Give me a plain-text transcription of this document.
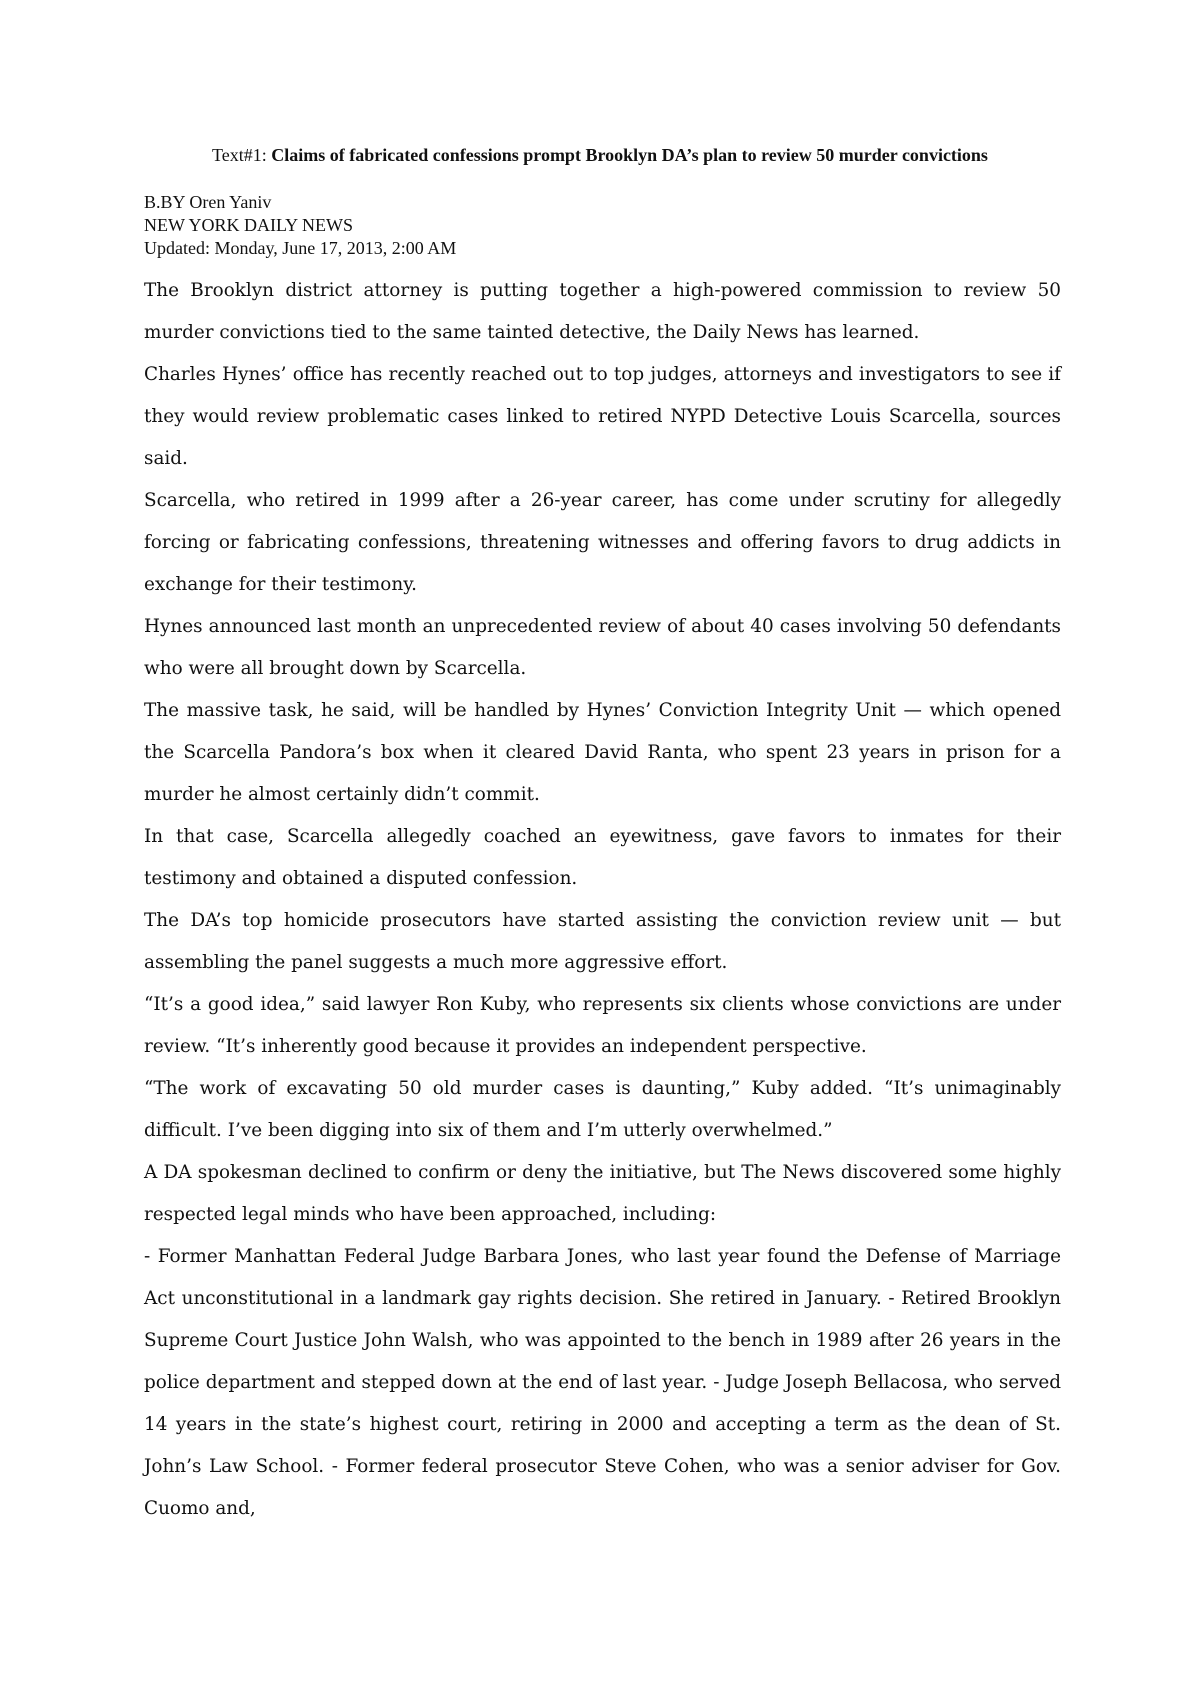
Text#1: Claims of fabricated confessions prompt Brooklyn DA’s plan to review 50 murder convictions
B.BY Oren Yaniv
NEW YORK DAILY NEWS
Updated: Monday, June 17, 2013, 2:00 AM

The Brooklyn district attorney is putting together a high-powered commission to review 50 murder convictions tied to the same tainted detective, the Daily News has learned.

Charles Hynes’ office has recently reached out to top judges, attorneys and investigators to see if they would review problematic cases linked to retired NYPD Detective Louis Scarcella, sources said.

Scarcella, who retired in 1999 after a 26-year career, has come under scrutiny for allegedly forcing or fabricating confessions, threatening witnesses and offering favors to drug addicts in exchange for their testimony.

Hynes announced last month an unprecedented review of about 40 cases involving 50 defendants who were all brought down by Scarcella.

The massive task, he said, will be handled by Hynes’ Conviction Integrity Unit — which opened the Scarcella Pandora’s box when it cleared David Ranta, who spent 23 years in prison for a murder he almost certainly didn’t commit.

In that case, Scarcella allegedly coached an eyewitness, gave favors to inmates for their testimony and obtained a disputed confession.

The DA’s top homicide prosecutors have started assisting the conviction review unit — but assembling the panel suggests a much more aggressive effort.

“It’s a good idea,” said lawyer Ron Kuby, who represents six clients whose convictions are under review. “It’s inherently good because it provides an independent perspective.

“The work of excavating 50 old murder cases is daunting,” Kuby added. “It’s unimaginably difficult. I’ve been digging into six of them and I’m utterly overwhelmed.”

A DA spokesman declined to confirm or deny the initiative, but The News discovered some highly respected legal minds who have been approached, including:

- Former Manhattan Federal Judge Barbara Jones, who last year found the Defense of Marriage Act unconstitutional in a landmark gay rights decision. She retired in January. - Retired Brooklyn Supreme Court Justice John Walsh, who was appointed to the bench in 1989 after 26 years in the police department and stepped down at the end of last year. - Judge Joseph Bellacosa, who served 14 years in the state’s highest court, retiring in 2000 and accepting a term as the dean of St. John’s Law School. - Former federal prosecutor Steve Cohen, who was a senior adviser for Gov. Cuomo and,
